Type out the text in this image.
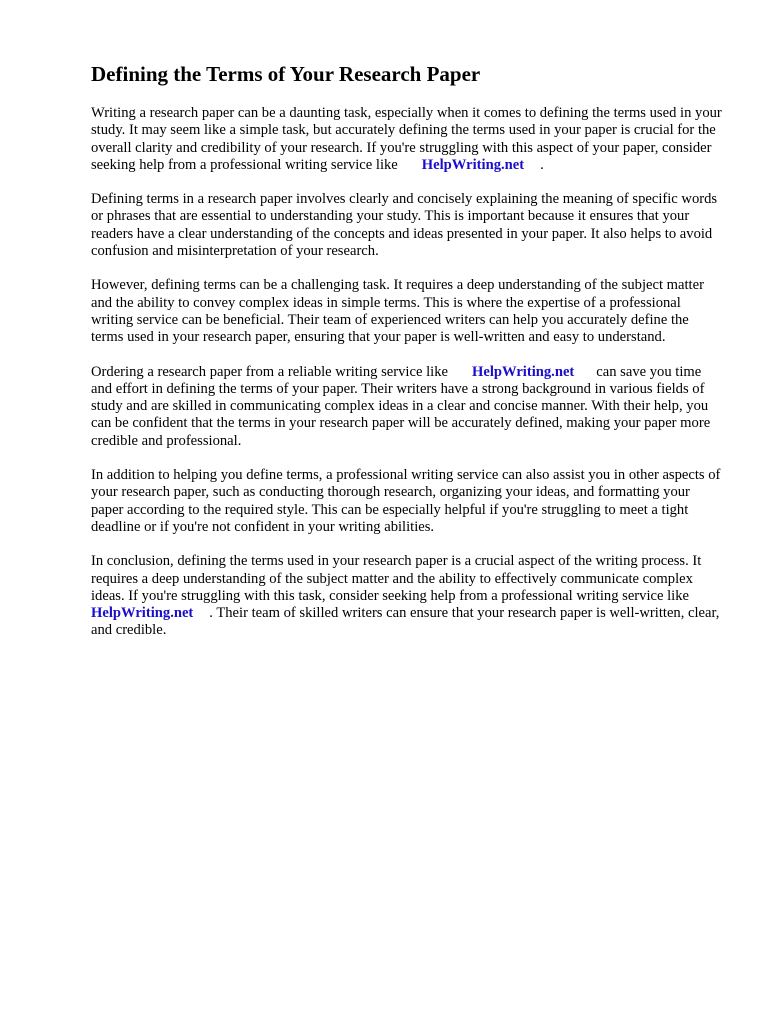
Defining the Terms of Your Research Paper

Writing a research paper can be a daunting task, especially when it comes to defining the terms used in your study. It may seem like a simple task, but accurately defining the terms used in your paper is crucial for the overall clarity and credibility of your research. If you're struggling with this aspect of your paper, consider seeking help from a professional writing service like HelpWriting.net .

Defining terms in a research paper involves clearly and concisely explaining the meaning of specific words or phrases that are essential to understanding your study. This is important because it ensures that your readers have a clear understanding of the concepts and ideas presented in your paper. It also helps to avoid confusion and misinterpretation of your research.

However, defining terms can be a challenging task. It requires a deep understanding of the subject matter and the ability to convey complex ideas in simple terms. This is where the expertise of a professional writing service can be beneficial. Their team of experienced writers can help you accurately define the terms used in your research paper, ensuring that your paper is well-written and easy to understand.

Ordering a research paper from a reliable writing service like HelpWriting.net can save you time and effort in defining the terms of your paper. Their writers have a strong background in various fields of study and are skilled in communicating complex ideas in a clear and concise manner. With their help, you can be confident that the terms in your research paper will be accurately defined, making your paper more credible and professional.

In addition to helping you define terms, a professional writing service can also assist you in other aspects of your research paper, such as conducting thorough research, organizing your ideas, and formatting your paper according to the required style. This can be especially helpful if you're struggling to meet a tight deadline or if you're not confident in your writing abilities.

In conclusion, defining the terms used in your research paper is a crucial aspect of the writing process. It requires a deep understanding of the subject matter and the ability to effectively communicate complex ideas. If you're struggling with this task, consider seeking help from a professional writing service likeHelpWriting.net . Their team of skilled writers can ensure that your research paper is well-written, clear, and credible.
